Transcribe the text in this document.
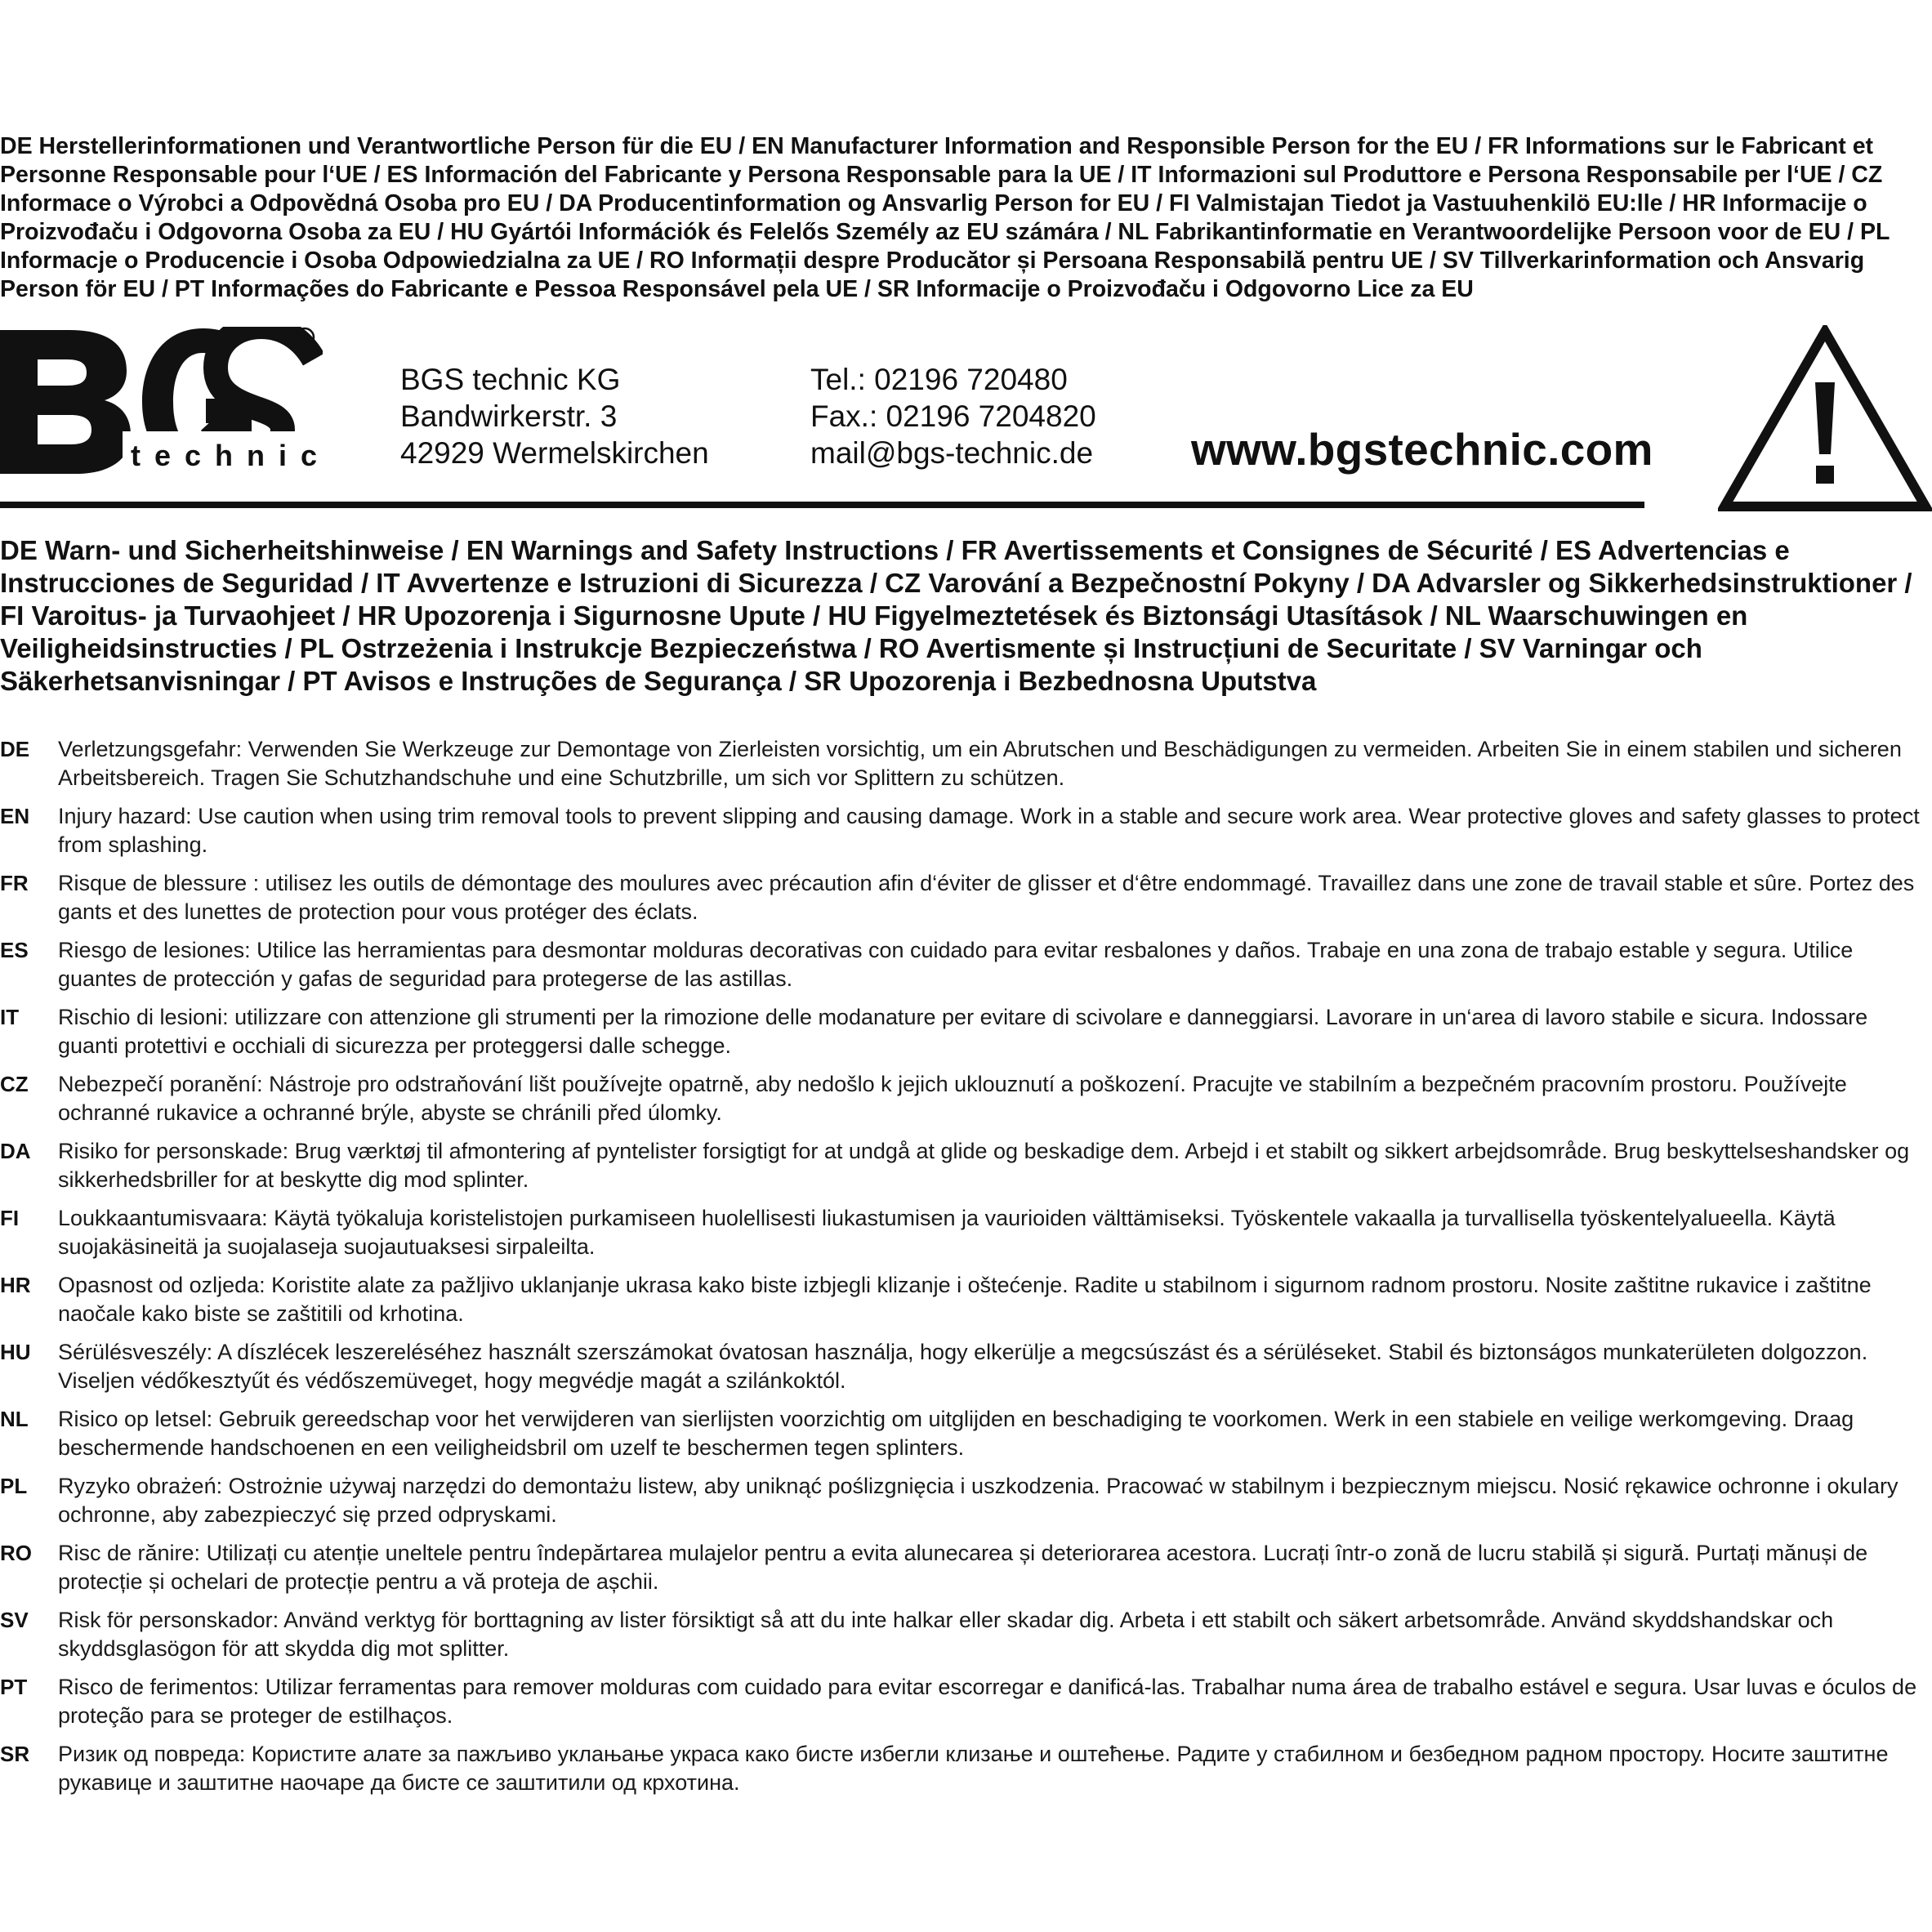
DE Herstellerinformationen und Verantwortliche Person für die EU / EN Manufacturer Information and Responsible Person for the EU / FR Informations sur le Fabricant et Personne Responsable pour l‘UE / ES Información del Fabricante y Persona Responsable para la UE / IT Informazioni sul Produttore e Persona Responsabile per l‘UE / CZ Informace o Výrobci a Odpovědná Osoba pro EU / DA Producentinformation og Ansvarlig Person for EU / FI Valmistajan Tiedot ja Vastuuhenkilö EU:lle / HR Informacije o Proizvođaču i Odgovorna Osoba za EU / HU Gyártói Információk és Felelős Személy az EU számára / NL Fabrikantinformatie en Verantwoordelijke Persoon voor de EU / PL Informacje o Producencie i Osoba Odpowiedzialna za UE / RO Informații despre Producător și Persoana Responsabilă pentru UE / SV Tillverkarinformation och Ansvarig Person för EU / PT Informações do Fabricante e Pessoa Responsável pela UE / SR Informacije o Proizvođaču i Odgovorno Lice za EU
R
technic
BGS technic KG
Bandwirkerstr. 3
42929 Wermelskirchen
Tel.: 02196 720480
Fax.: 02196 7204820
mail@bgs-technic.de www.bgstechnic.com
DE Warn- und Sicherheitshinweise / EN Warnings and Safety Instructions / FR Avertissements et Consignes de Sécurité / ES Advertencias e Instrucciones de Seguridad / IT Avvertenze e Istruzioni di Sicurezza / CZ Varování a Bezpečnostní Pokyny / DA Advarsler og Sikkerhedsinstruktioner / FI Varoitus- ja Turvaohjeet / HR Upozorenja i Sigurnosne Upute / HU Figyelmeztetések és Biztonsági Utasítások / NL Waarschuwingen en Veiligheidsinstructies / PL Ostrzeżenia i Instrukcje Bezpieczeństwa / RO Avertismente și Instrucțiuni de Securitate / SV Varningar och Säkerhetsanvisningar / PT Avisos e Instruções de Segurança / SR Upozorenja i Bezbednosna Uputstva
DE	Verletzungsgefahr: Verwenden Sie Werkzeuge zur Demontage von Zierleisten vorsichtig, um ein Abrutschen und Beschädigungen zu vermeiden. Arbeiten Sie in einem stabilen und sicheren Arbeitsbereich. Tragen Sie Schutzhandschuhe und eine Schutzbrille, um sich vor Splittern zu schützen.
EN	Injury hazard: Use caution when using trim removal tools to prevent slipping and causing damage. Work in a stable and secure work area. Wear protective gloves and safety glasses to protect from splashing.
FR	Risque de blessure : utilisez les outils de démontage des moulures avec précaution afin d‘éviter de glisser et d‘être endommagé. Travaillez dans une zone de travail stable et sûre. Portez des gants et des lunettes de protection pour vous protéger des éclats.
ES	Riesgo de lesiones: Utilice las herramientas para desmontar molduras decorativas con cuidado para evitar resbalones y daños. Trabaje en una zona de trabajo estable y segura. Utilice guantes de protección y gafas de seguridad para protegerse de las astillas.
IT	Rischio di lesioni: utilizzare con attenzione gli strumenti per la rimozione delle modanature per evitare di scivolare e danneggiarsi. Lavorare in un‘area di lavoro stabile e sicura. Indossare guanti protettivi e occhiali di sicurezza per proteggersi dalle schegge.
CZ	Nebezpečí poranění: Nástroje pro odstraňování lišt používejte opatrně, aby nedošlo k jejich uklouznutí a poškození. Pracujte ve stabilním a bezpečném pracovním prostoru. Používejte ochranné rukavice a ochranné brýle, abyste se chránili před úlomky.
DA	Risiko for personskade: Brug værktøj til afmontering af pyntelister forsigtigt for at undgå at glide og beskadige dem. Arbejd i et stabilt og sikkert arbejdsområde. Brug beskyttelseshandsker og sikkerhedsbriller for at beskytte dig mod splinter.
FI	Loukkaantumisvaara: Käytä työkaluja koristelistojen purkamiseen huolellisesti liukastumisen ja vaurioiden välttämiseksi. Työskentele vakaalla ja turvallisella työskentelyalueella. Käytä suojakäsineitä ja suojalaseja suojautuaksesi sirpaleilta.
HR	Opasnost od ozljeda: Koristite alate za pažljivo uklanjanje ukrasa kako biste izbjegli klizanje i oštećenje. Radite u stabilnom i sigurnom radnom prostoru. Nosite zaštitne rukavice i zaštitne naočale kako biste se zaštitili od krhotina.
HU	Sérülésveszély: A díszlécek leszereléséhez használt szerszámokat óvatosan használja, hogy elkerülje a megcsúszást és a sérüléseket. Stabil és biztonságos munkaterületen dolgozzon. Viseljen védőkesztyűt és védőszemüveget, hogy megvédje magát a szilánkoktól.
NL	Risico op letsel: Gebruik gereedschap voor het verwijderen van sierlijsten voorzichtig om uitglijden en beschadiging te voorkomen. Werk in een stabiele en veilige werkomgeving. Draag beschermende handschoenen en een veiligheidsbril om uzelf te beschermen tegen splinters.
PL	Ryzyko obrażeń: Ostrożnie używaj narzędzi do demontażu listew, aby uniknąć poślizgnięcia i uszkodzenia. Pracować w stabilnym i bezpiecznym miejscu. Nosić rękawice ochronne i okulary ochronne, aby zabezpieczyć się przed odpryskami.
RO	Risc de rănire: Utilizați cu atenție uneltele pentru îndepărtarea mulajelor pentru a evita alunecarea și deteriorarea acestora. Lucrați într-o zonă de lucru stabilă și sigură. Purtați mănuși de protecție și ochelari de protecție pentru a vă proteja de așchii.
SV	Risk för personskador: Använd verktyg för borttagning av lister försiktigt så att du inte halkar eller skadar dig. Arbeta i ett stabilt och säkert arbetsområde. Använd skyddshandskar och skyddsglasögon för att skydda dig mot splitter.
PT	Risco de ferimentos: Utilizar ferramentas para remover molduras com cuidado para evitar escorregar e danificá-las. Trabalhar numa área de trabalho estável e segura. Usar luvas e óculos de proteção para se proteger de estilhaços.
SR	Ризик од повреда: Користите алате за пажљиво уклањање украса како бисте избегли клизање и оштећење. Радите у стабилном и безбедном радном простору. Носите заштитне рукавице и заштитне наочаре да бисте се заштитили од крхотина.
